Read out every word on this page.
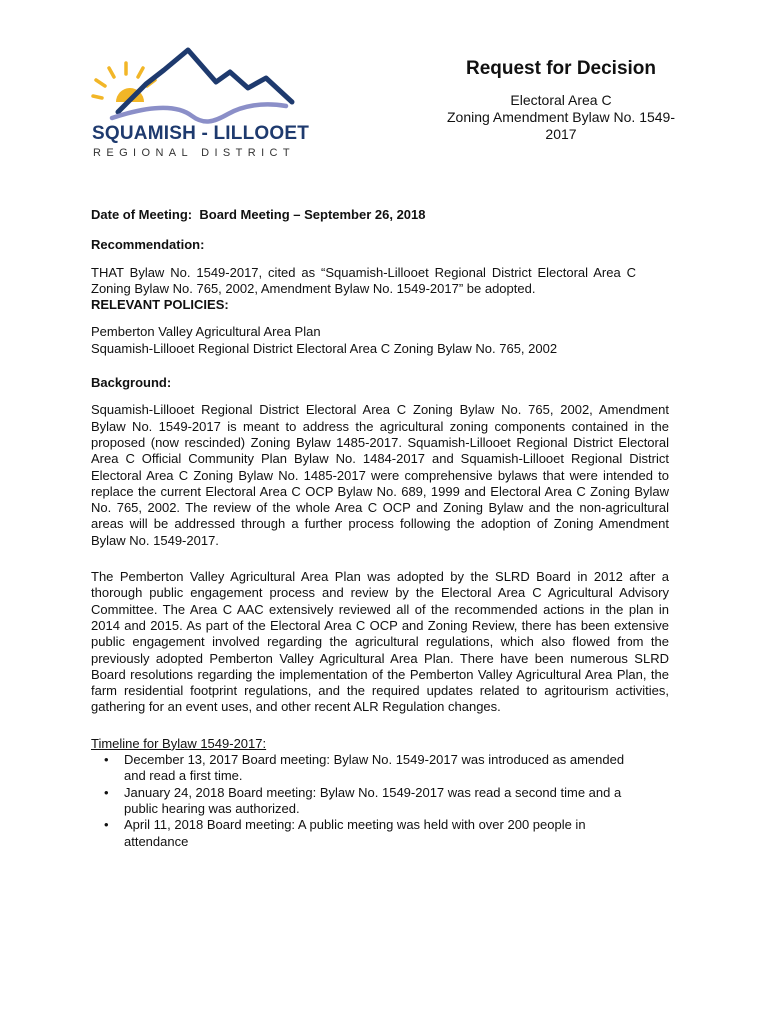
SQUAMISH - LILLOOET
REGIONAL DISTRICT
Request for Decision
Electoral Area C
Zoning Amendment Bylaw No. 1549-2017

Date of Meeting: Board Meeting – September 26, 2018

Recommendation:

THAT Bylaw No. 1549-2017, cited as “Squamish-Lillooet Regional District Electoral Area C Zoning Bylaw No. 765, 2002, Amendment Bylaw No. 1549-2017” be adopted.

RELEVANT POLICIES:

Pemberton Valley Agricultural Area Plan
Squamish-Lillooet Regional District Electoral Area C Zoning Bylaw No. 765, 2002

Background:

Squamish-Lillooet Regional District Electoral Area C Zoning Bylaw No. 765, 2002, Amendment Bylaw No. 1549-2017 is meant to address the agricultural zoning components contained in the proposed (now rescinded) Zoning Bylaw 1485-2017. Squamish-Lillooet Regional District Electoral Area C Official Community Plan Bylaw No. 1484-2017 and Squamish-Lillooet Regional District Electoral Area C Zoning Bylaw No. 1485-2017 were comprehensive bylaws that were intended to replace the current Electoral Area C OCP Bylaw No. 689, 1999 and Electoral Area C Zoning Bylaw No. 765, 2002. The review of the whole Area C OCP and Zoning Bylaw and the non-agricultural areas will be addressed through a further process following the adoption of Zoning Amendment Bylaw No. 1549-2017.

The Pemberton Valley Agricultural Area Plan was adopted by the SLRD Board in 2012 after a thorough public engagement process and review by the Electoral Area C Agricultural Advisory Committee. The Area C AAC extensively reviewed all of the recommended actions in the plan in 2014 and 2015. As part of the Electoral Area C OCP and Zoning Review, there has been extensive public engagement involved regarding the agricultural regulations, which also flowed from the previously adopted Pemberton Valley Agricultural Area Plan. There have been numerous SLRD Board resolutions regarding the implementation of the Pemberton Valley Agricultural Area Plan, the farm residential footprint regulations, and the required updates related to agritourism activities, gathering for an event uses, and other recent ALR Regulation changes.

Timeline for Bylaw 1549-2017:
• December 13, 2017 Board meeting: Bylaw No. 1549-2017 was introduced as amended and read a first time.
• January 24, 2018 Board meeting: Bylaw No. 1549-2017 was read a second time and a public hearing was authorized.
• April 11, 2018 Board meeting: A public meeting was held with over 200 people in attendance
